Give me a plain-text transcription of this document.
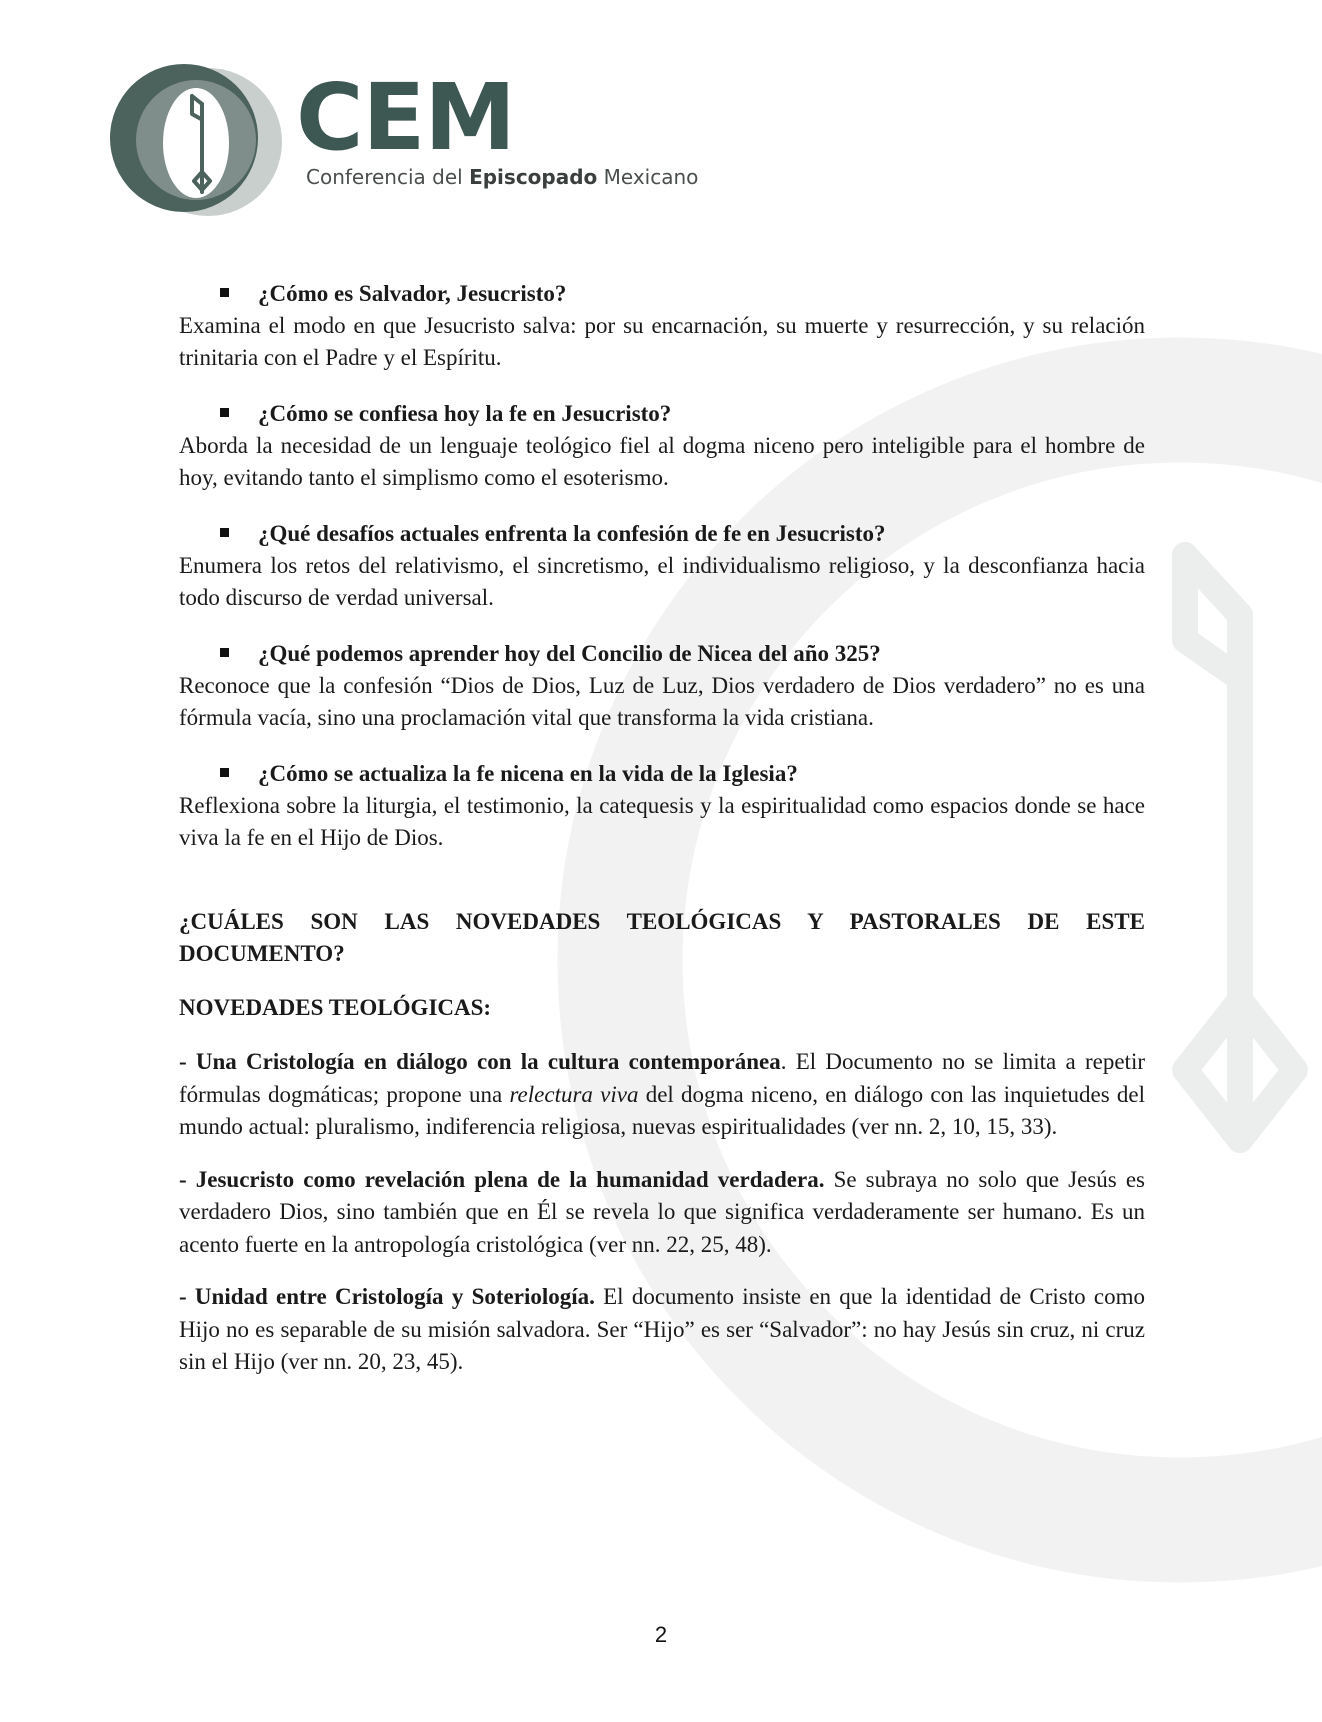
CEM
Conferencia del Episcopado Mexicano

¿Cómo es Salvador, Jesucristo?

Examina el modo en que Jesucristo salva: por su encarnación, su muerte y resurrección, y su relación trinitaria con el Padre y el Espíritu.

¿Cómo se confiesa hoy la fe en Jesucristo?

Aborda la necesidad de un lenguaje teológico fiel al dogma niceno pero inteligible para el hombre de hoy, evitando tanto el simplismo como el esoterismo.

¿Qué desafíos actuales enfrenta la confesión de fe en Jesucristo?

Enumera los retos del relativismo, el sincretismo, el individualismo religioso, y la desconfianza hacia todo discurso de verdad universal.

¿Qué podemos aprender hoy del Concilio de Nicea del año 325?

Reconoce que la confesión “Dios de Dios, Luz de Luz, Dios verdadero de Dios verdadero” no es una fórmula vacía, sino una proclamación vital que transforma la vida cristiana.

¿Cómo se actualiza la fe nicena en la vida de la Iglesia?

Reflexiona sobre la liturgia, el testimonio, la catequesis y la espiritualidad como espacios donde se hace viva la fe en el Hijo de Dios.

¿CUÁLES SON LAS NOVEDADES TEOLÓGICAS Y PASTORALES DE ESTE DOCUMENTO?

NOVEDADES TEOLÓGICAS:

- Una Cristología en diálogo con la cultura contemporánea. El Documento no se limita a repetir fórmulas dogmáticas; propone una relectura viva del dogma niceno, en diálogo con las inquietudes del mundo actual: pluralismo, indiferencia religiosa, nuevas espiritualidades (ver nn. 2, 10, 15, 33).

- Jesucristo como revelación plena de la humanidad verdadera. Se subraya no solo que Jesús es verdadero Dios, sino también que en Él se revela lo que significa verdaderamente ser humano. Es un acento fuerte en la antropología cristológica (ver nn. 22, 25, 48).

- Unidad entre Cristología y Soteriología. El documento insiste en que la identidad de Cristo como Hijo no es separable de su misión salvadora. Ser “Hijo” es ser “Salvador”: no hay Jesús sin cruz, ni cruz sin el Hijo (ver nn. 20, 23, 45).

2
